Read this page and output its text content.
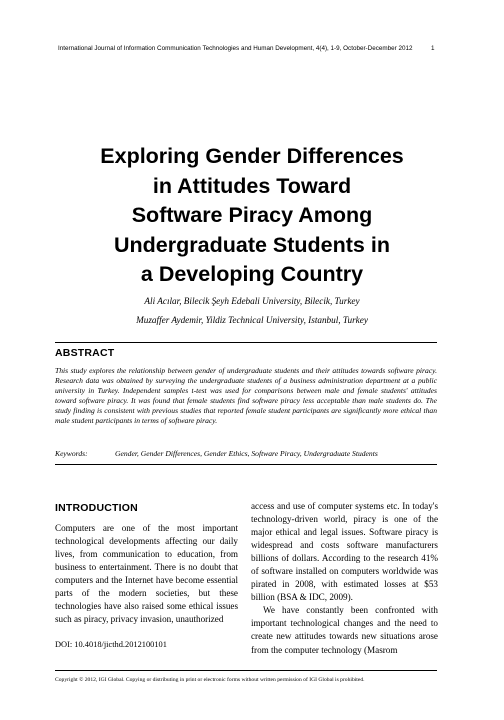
International Journal of Information Communication Technologies and Human Development, 4(4), 1-9, October-December 2012	1
Exploring Gender Differences
in Attitudes Toward
Software Piracy Among
Undergraduate Students in
a Developing Country
Ali Acılar, Bilecik Şeyh Edebali University, Bilecik, Turkey
Muzaffer Aydemir, Yildiz Technical University, Istanbul, Turkey
ABSTRACT
This study explores the relationship between gender of undergraduate students and their attitudes towards software piracy. Research data was obtained by surveying the undergraduate students of a business administration department at a public university in Turkey. Independent samples t-test was used for comparisons between male and female students' attitudes toward software piracy. It was found that female students find software piracy less acceptable than male students do. The study finding is consistent with previous studies that reported female student participants are significantly more ethical than male student participants in terms of software piracy.
Keywords:	Gender, Gender Differences, Gender Ethics, Software Piracy, Undergraduate Students
INTRODUCTION
Computers are one of the most important technological developments affecting our daily lives, from communication to education, from business to entertainment. There is no doubt that computers and the Internet have become essential parts of the modern societies, but these technologies have also raised some ethical issues such as piracy, privacy invasion, unauthorized
access and use of computer systems etc. In today's technology-driven world, piracy is one of the major ethical and legal issues. Software piracy is widespread and costs software manufacturers billions of dollars. According to the research 41% of software installed on computers worldwide was pirated in 2008, with estimated losses at $53 billion (BSA & IDC, 2009).
We have constantly been confronted with important technological changes and the need to create new attitudes towards new situations arose from the computer technology (Masrom
DOI: 10.4018/jicthd.2012100101
Copyright © 2012, IGI Global. Copying or distributing in print or electronic forms without written permission of IGI Global is prohibited.
